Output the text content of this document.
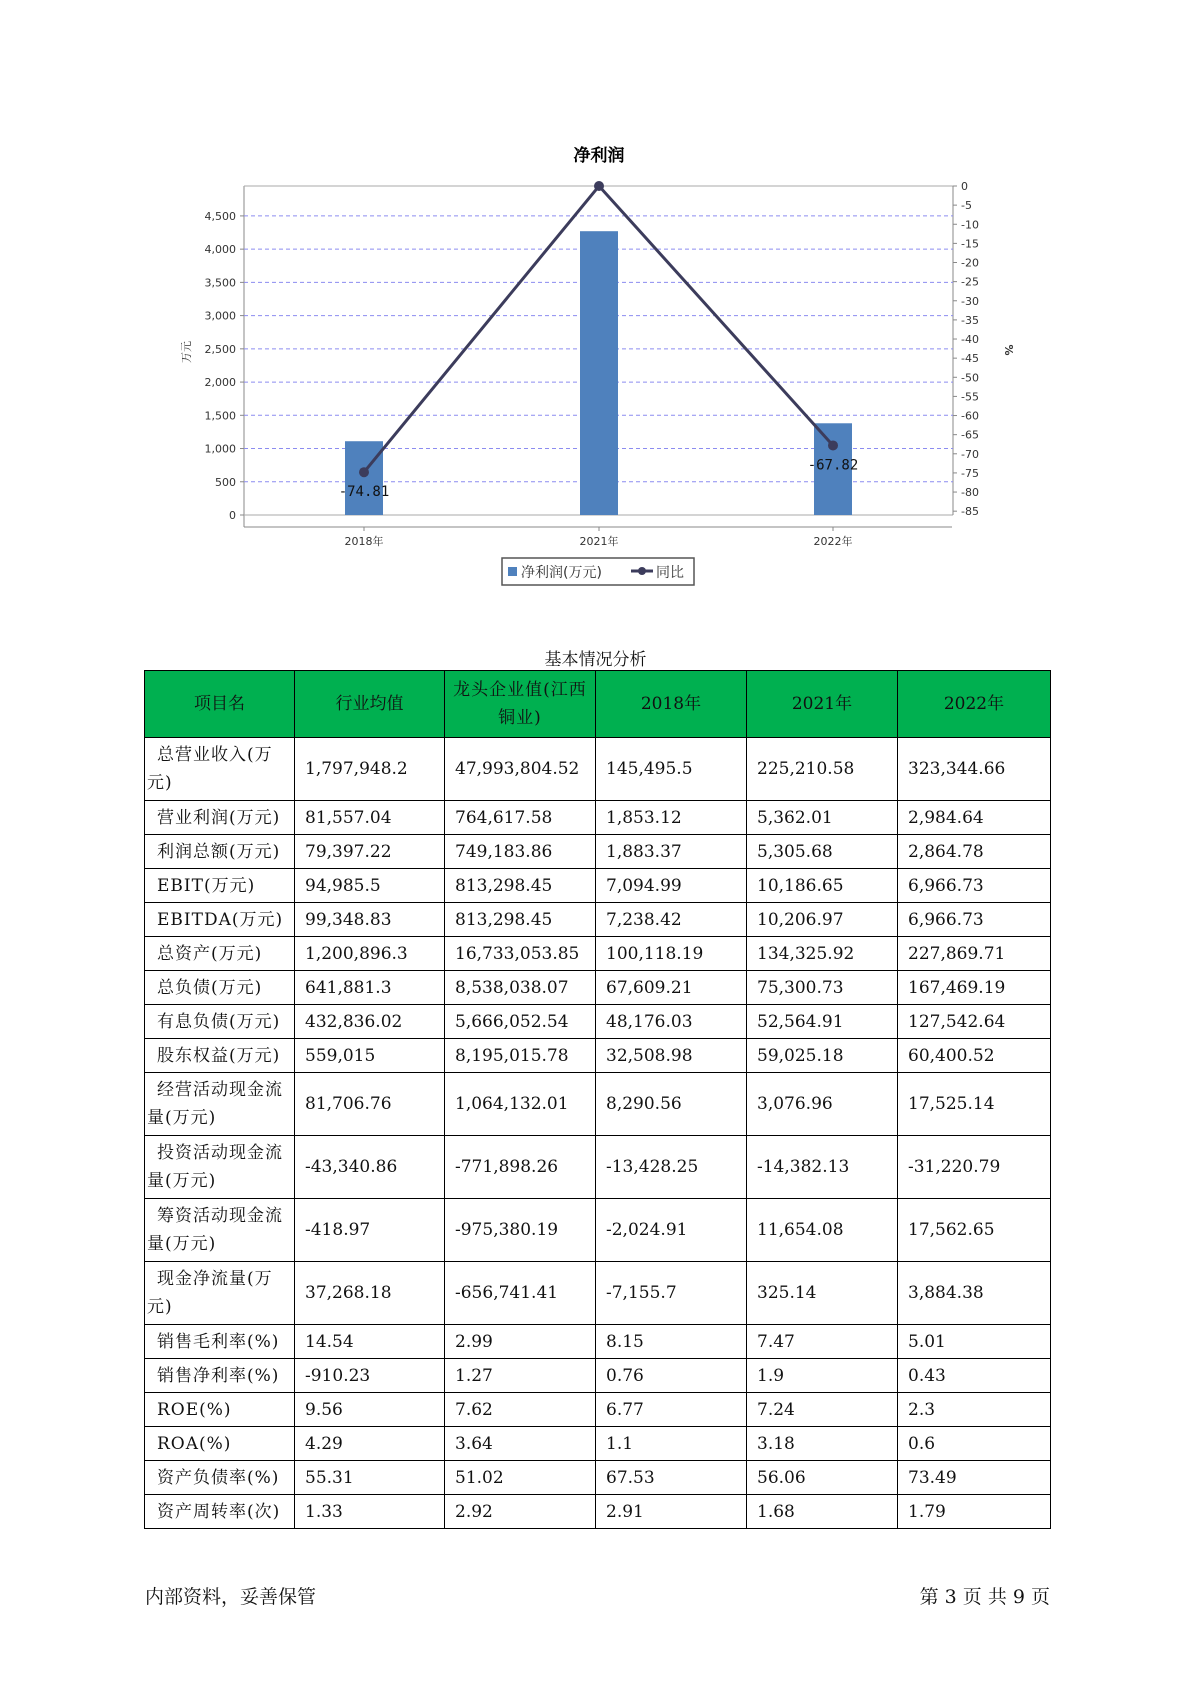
净利润
0
500
1,000
1,500
2,000
2,500
3,000
3,500
4,000
4,500
0
-5
-10
-15
-20
-25
-30
-35
-40
-45
-50
-55
-60
-65
-70
-75
-80
-85
万元	%
2018年	2021年	2022年
-74.81
-67.82
净利润(万元)	同比
基本情况分析
项目名	行业均值	龙头企业值(江西铜业)	2018年	2021年	2022年
总营业收入(万元)	1,797,948.2	47,993,804.52	145,495.5	225,210.58	323,344.66
营业利润(万元)	81,557.04	764,617.58	1,853.12	5,362.01	2,984.64
利润总额(万元)	79,397.22	749,183.86	1,883.37	5,305.68	2,864.78
EBIT(万元)	94,985.5	813,298.45	7,094.99	10,186.65	6,966.73
EBITDA(万元)	99,348.83	813,298.45	7,238.42	10,206.97	6,966.73
总资产(万元)	1,200,896.3	16,733,053.85	100,118.19	134,325.92	227,869.71
总负债(万元)	641,881.3	8,538,038.07	67,609.21	75,300.73	167,469.19
有息负债(万元)	432,836.02	5,666,052.54	48,176.03	52,564.91	127,542.64
股东权益(万元)	559,015	8,195,015.78	32,508.98	59,025.18	60,400.52
经营活动现金流量(万元)	81,706.76	1,064,132.01	8,290.56	3,076.96	17,525.14
投资活动现金流量(万元)	-43,340.86	-771,898.26	-13,428.25	-14,382.13	-31,220.79
筹资活动现金流量(万元)	-418.97	-975,380.19	-2,024.91	11,654.08	17,562.65
现金净流量(万元)	37,268.18	-656,741.41	-7,155.7	325.14	3,884.38
销售毛利率(%)	14.54	2.99	8.15	7.47	5.01
销售净利率(%)	-910.23	1.27	0.76	1.9	0.43
ROE(%)	9.56	7.62	6.77	7.24	2.3
ROA(%)	4.29	3.64	1.1	3.18	0.6
资产负债率(%)	55.31	51.02	67.53	56.06	73.49
资产周转率(次)	1.33	2.92	2.91	1.68	1.79
内部资料，妥善保管	第 3 页 共 9 页
